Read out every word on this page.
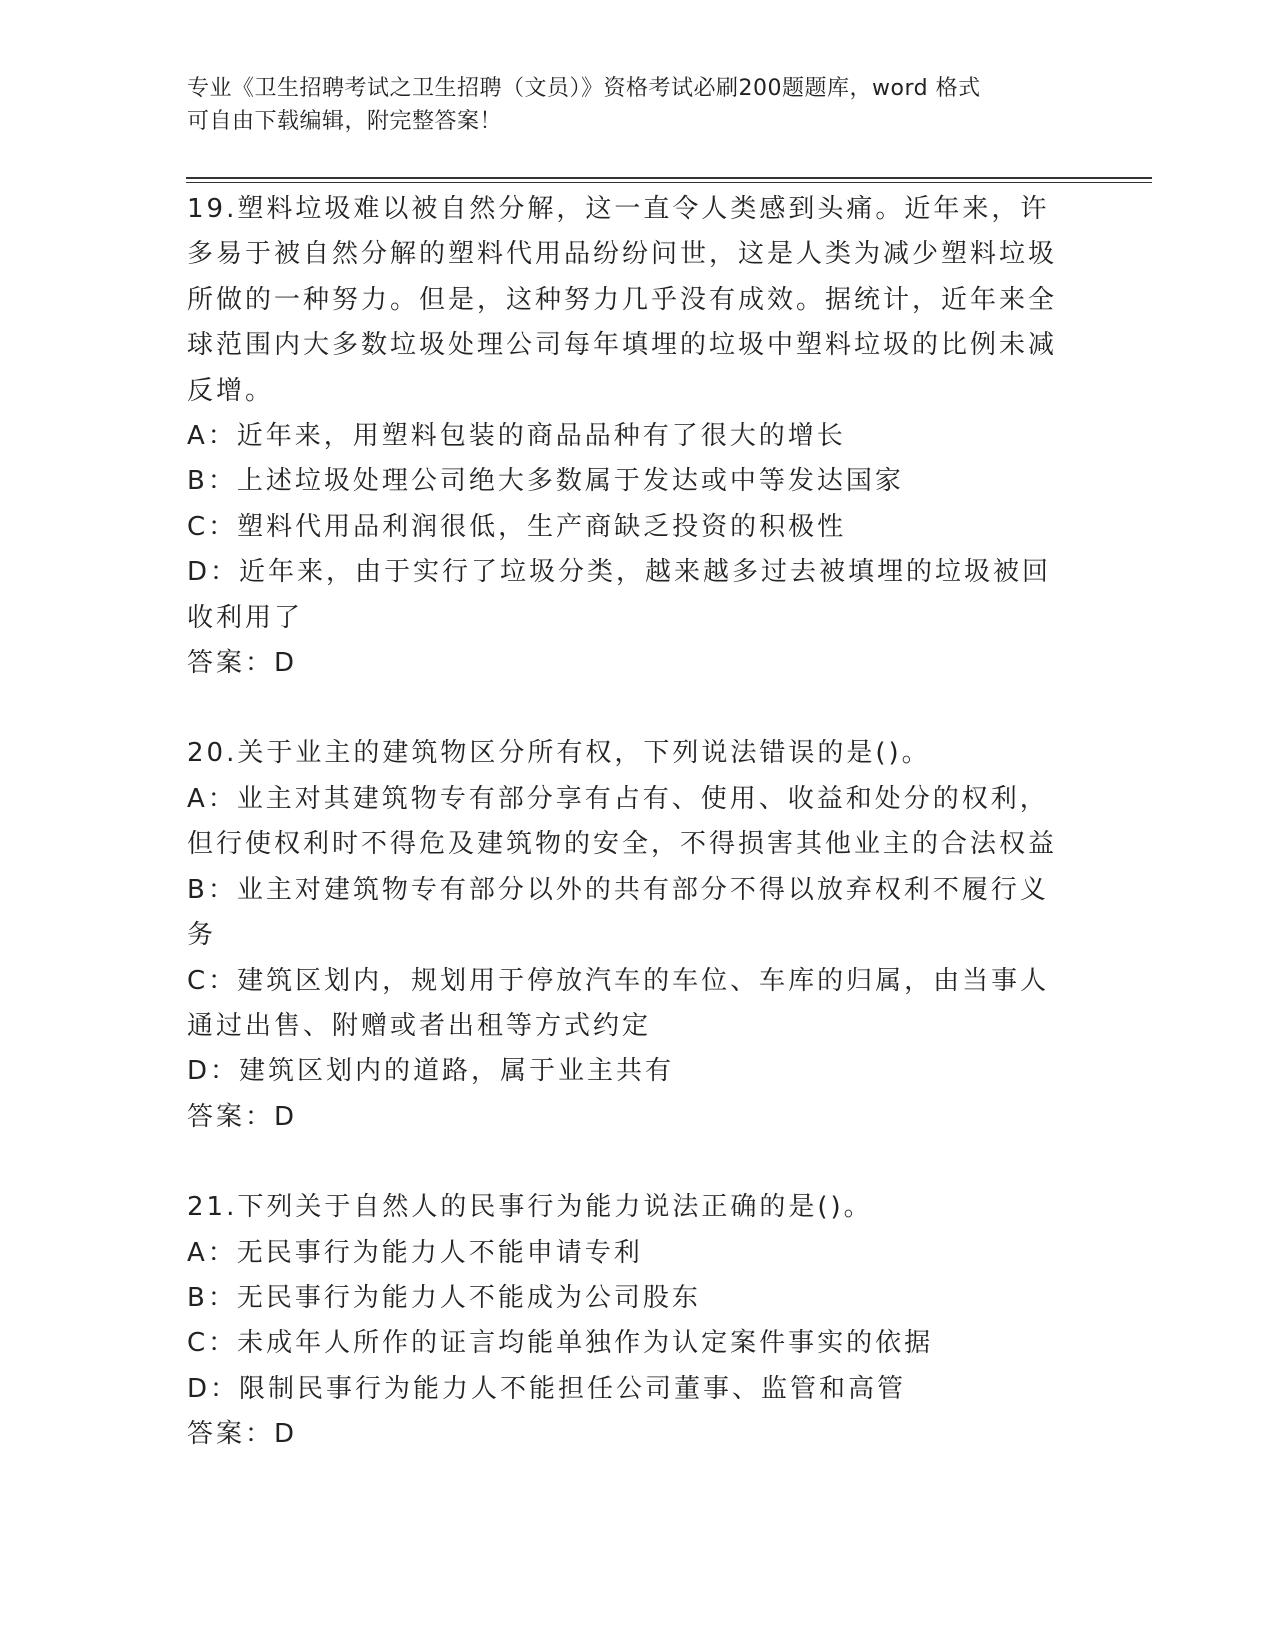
专业《卫生招聘考试之卫生招聘（文员）》资格考试必刷200题题库，word 格式
可自由下载编辑，附完整答案！

19.塑料垃圾难以被自然分解，这一直令人类感到头痛。近年来，许多易于被自然分解的塑料代用品纷纷问世，这是人类为减少塑料垃圾所做的一种努力。但是，这种努力几乎没有成效。据统计，近年来全球范围内大多数垃圾处理公司每年填埋的垃圾中塑料垃圾的比例未减反增。

A：近年来，用塑料包装的商品品种有了很大的增长

B：上述垃圾处理公司绝大多数属于发达或中等发达国家

C：塑料代用品利润很低，生产商缺乏投资的积极性

D：近年来，由于实行了垃圾分类，越来越多过去被填埋的垃圾被回收利用了

答案：D

20.关于业主的建筑物区分所有权，下列说法错误的是()。

A：业主对其建筑物专有部分享有占有、使用、收益和处分的权利，但行使权利时不得危及建筑物的安全，不得损害其他业主的合法权益

B：业主对建筑物专有部分以外的共有部分不得以放弃权利不履行义务

C：建筑区划内，规划用于停放汽车的车位、车库的归属，由当事人通过出售、附赠或者出租等方式约定

D：建筑区划内的道路，属于业主共有

答案：D

21.下列关于自然人的民事行为能力说法正确的是()。

A：无民事行为能力人不能申请专利

B：无民事行为能力人不能成为公司股东

C：未成年人所作的证言均能单独作为认定案件事实的依据

D：限制民事行为能力人不能担任公司董事、监管和高管

答案：D
